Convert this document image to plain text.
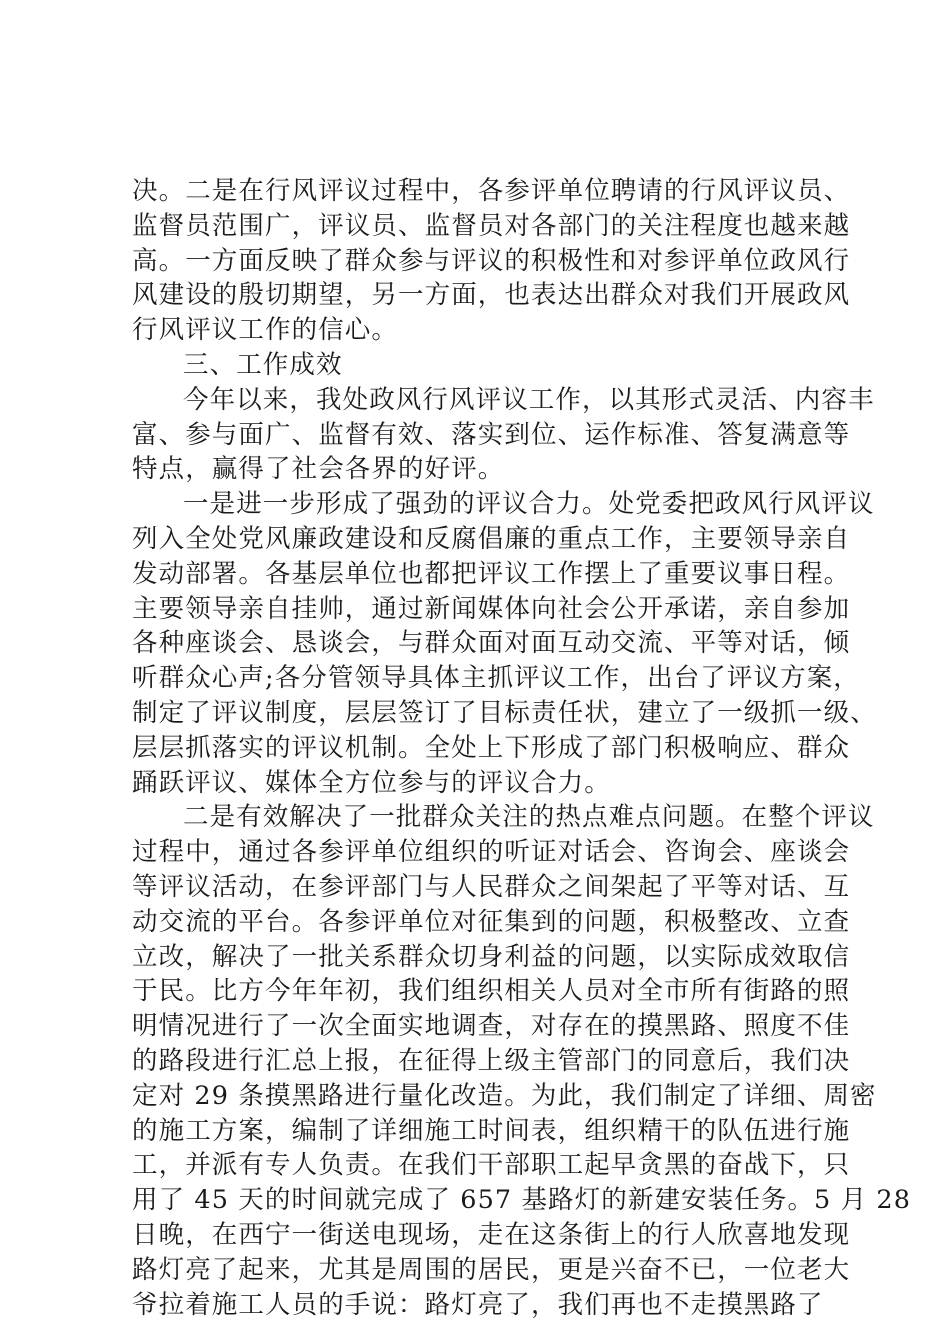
决。二是在行风评议过程中，各参评单位聘请的行风评议员、
监督员范围广，评议员、监督员对各部门的关注程度也越来越
高。一方面反映了群众参与评议的积极性和对参评单位政风行
风建设的殷切期望，另一方面，也表达出群众对我们开展政风
行风评议工作的信心。
三、工作成效
今年以来，我处政风行风评议工作，以其形式灵活、内容丰
富、参与面广、监督有效、落实到位、运作标准、答复满意等
特点，赢得了社会各界的好评。
一是进一步形成了强劲的评议合力。处党委把政风行风评议
列入全处党风廉政建设和反腐倡廉的重点工作，主要领导亲自
发动部署。各基层单位也都把评议工作摆上了重要议事日程。
主要领导亲自挂帅，通过新闻媒体向社会公开承诺，亲自参加
各种座谈会、恳谈会，与群众面对面互动交流、平等对话，倾
听群众心声;各分管领导具体主抓评议工作，出台了评议方案，
制定了评议制度，层层签订了目标责任状，建立了一级抓一级、
层层抓落实的评议机制。全处上下形成了部门积极响应、群众
踊跃评议、媒体全方位参与的评议合力。
二是有效解决了一批群众关注的热点难点问题。在整个评议
过程中，通过各参评单位组织的听证对话会、咨询会、座谈会
等评议活动，在参评部门与人民群众之间架起了平等对话、互
动交流的平台。各参评单位对征集到的问题，积极整改、立查
立改，解决了一批关系群众切身利益的问题，以实际成效取信
于民。比方今年年初，我们组织相关人员对全市所有街路的照
明情况进行了一次全面实地调查，对存在的摸黑路、照度不佳
的路段进行汇总上报，在征得上级主管部门的同意后，我们决
定对 29 条摸黑路进行量化改造。为此，我们制定了详细、周密
的施工方案，编制了详细施工时间表，组织精干的队伍进行施
工，并派有专人负责。在我们干部职工起早贪黑的奋战下，只
用了 45 天的时间就完成了 657 基路灯的新建安装任务。5 月 28
日晚，在西宁一街送电现场，走在这条街上的行人欣喜地发现
路灯亮了起来，尤其是周围的居民，更是兴奋不已，一位老大
爷拉着施工人员的手说：路灯亮了，我们再也不走摸黑路了
